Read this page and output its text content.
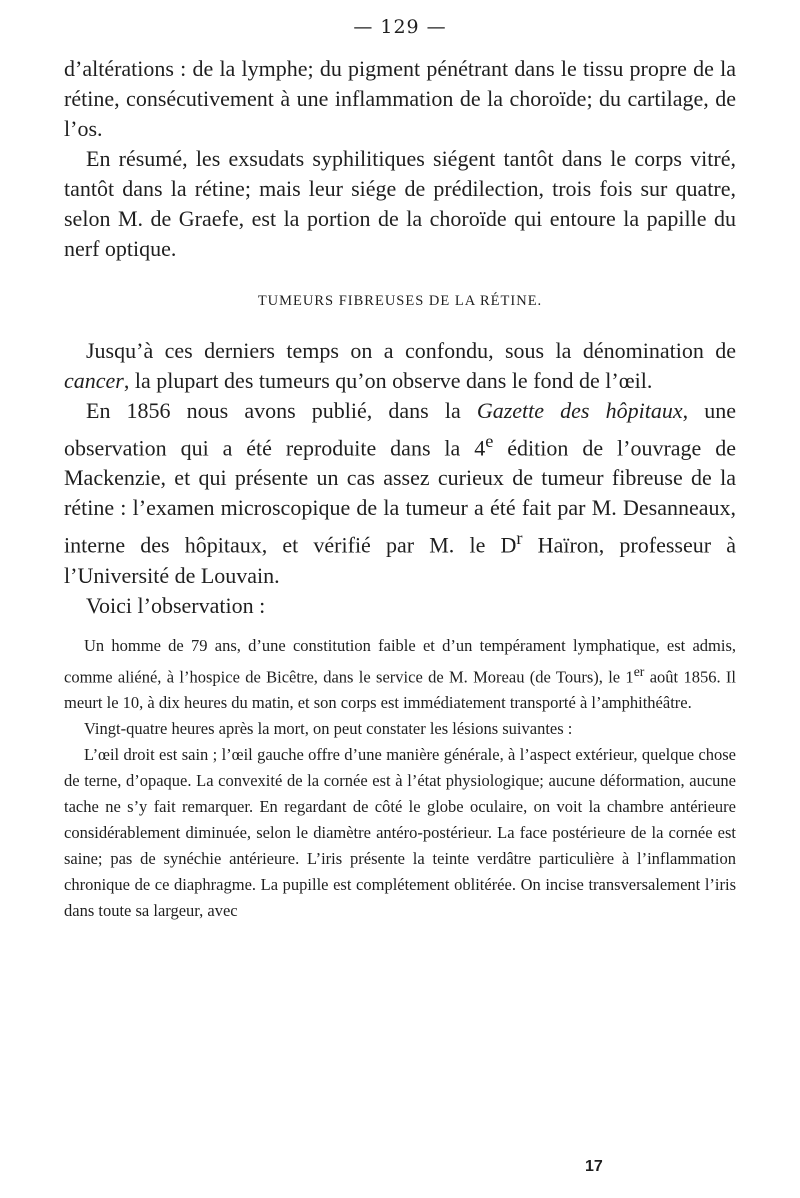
— 129 —

d’altérations : de la lymphe; du pigment pénétrant dans le tissu propre de la rétine, consécutivement à une inflammation de la choroïde; du cartilage, de l’os.

En résumé, les exsudats syphilitiques siégent tantôt dans le corps vitré, tantôt dans la rétine; mais leur siége de prédilection, trois fois sur quatre, selon M. de Graefe, est la portion de la choroïde qui entoure la papille du nerf optique.

TUMEURS FIBREUSES DE LA RÉTINE.

Jusqu’à ces derniers temps on a confondu, sous la dénomination de cancer, la plupart des tumeurs qu’on observe dans le fond de l’œil.

En 1856 nous avons publié, dans la Gazette des hôpitaux, une observation qui a été reproduite dans la 4e édition de l’ouvrage de Mackenzie, et qui présente un cas assez curieux de tumeur fibreuse de la rétine : l’examen microscopique de la tumeur a été fait par M. Desanneaux, interne des hôpitaux, et vérifié par M. le $D^r$ Haïron, professeur à l’Université de Louvain.

Voici l’observation :

Un homme de 79 ans, d’une constitution faible et d’un tempérament lymphatique, est admis, comme aliéné, à l’hospice de Bicêtre, dans le service de M. Moreau (de Tours), le 1er août 1856. Il meurt le 10, à dix heures du matin, et son corps est immédiatement transporté à l’amphithéâtre.

Vingt-quatre heures après la mort, on peut constater les lésions suivantes :

L’œil droit est sain ; l’œil gauche offre d’une manière générale, à l’aspect extérieur, quelque chose de terne, d’opaque. La convexité de la cornée est à l’état physiologique; aucune déformation, aucune tache ne s’y fait remarquer. En regardant de côté le globe oculaire, on voit la chambre antérieure considérablement diminuée, selon le diamètre antéro-postérieur. La face postérieure de la cornée est saine; pas de synéchie antérieure. L’iris présente la teinte verdâtre particulière à l’inflammation chronique de ce diaphragme. La pupille est complétement oblitérée. On incise transversalement l’iris dans toute sa largeur, avec

17
